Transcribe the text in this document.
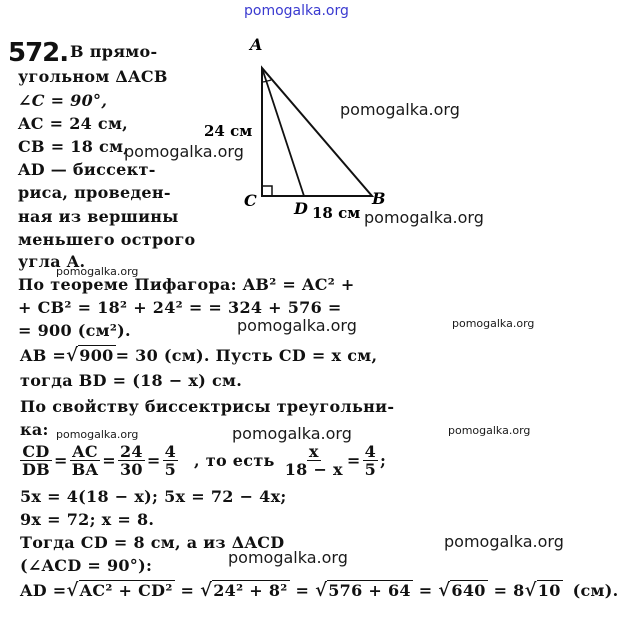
pomogalka.org
572. В прямо-
угольном ΔACB
∠C = 90°,
AC = 24 см,
CB = 18 см,
AD — биссект-
риса, проведен-
ная из вершины
меньшего острого
угла A.
A
B
C D
24 см
18 см
pomogalka.org
pomogalka.org
pomogalka.org
pomogalka.org
По теореме Пифагора: AB² = AC² +
+ CB² = 18² + 24² = = 324 + 576 =
= 900 (см²).	pomogalka.org	pomogalka.org
AB =√900 = 30 (см). Пусть CD = x см,
тогда BD = (18 − x) см.
По свойству биссектрисы треугольни-
ка: pomogalka.org	pomogalka.org	pomogalka.org
$\frac{CD}{DB} = \frac{AC}{BA} = \frac{24}{30} = \frac{4}{5}$ , то есть $\frac{x}{18 - x} = \frac{4}{5}$ ;
5x = 4(18 − x); 5x = 72 − 4x;
9x = 72; x = 8.
Тогда CD = 8 см, а из ΔACD
(∠ACD = 90°):
pomogalka.org
pomogalka.org
AD =√AC² + CD² = √24² + 8² = √576 + 64 = √640 = 8√10 (см).
